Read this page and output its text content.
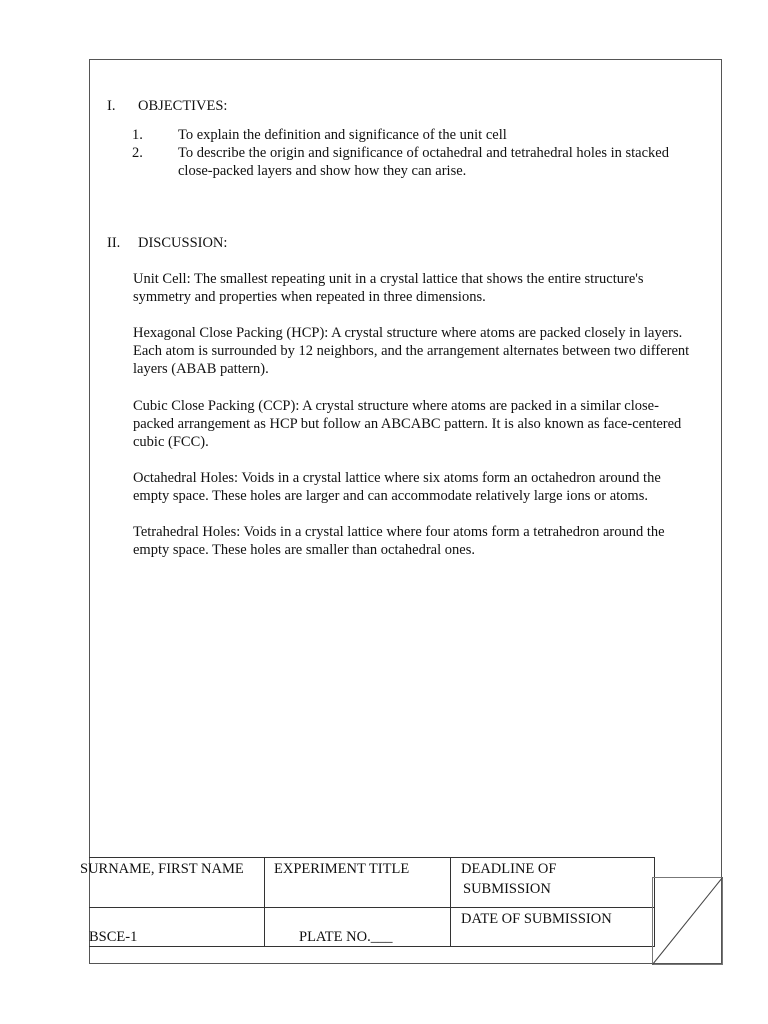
I. OBJECTIVES:
1. To explain the definition and significance of the unit cell
2. To describe the origin and significance of octahedral and tetrahedral holes in stacked
close-packed layers and show how they can arise.
II. DISCUSSION:
Unit Cell: The smallest repeating unit in a crystal lattice that shows the entire structure's
symmetry and properties when repeated in three dimensions.
Hexagonal Close Packing (HCP): A crystal structure where atoms are packed closely in layers.
Each atom is surrounded by 12 neighbors, and the arrangement alternates between two different
layers (ABAB pattern).
Cubic Close Packing (CCP): A crystal structure where atoms are packed in a similar close-
packed arrangement as HCP but follow an ABCABC pattern. It is also known as face-centered
cubic (FCC).
Octahedral Holes: Voids in a crystal lattice where six atoms form an octahedron around the
empty space. These holes are larger and can accommodate relatively large ions or atoms.
Tetrahedral Holes: Voids in a crystal lattice where four atoms form a tetrahedron around the
empty space. These holes are smaller than octahedral ones.
SURNAME, FIRST NAME EXPERIMENT TITLE	DEADLINE OF
SUBMISSION
DATE OF SUBMISSION
BSCE-1	PLATE NO.___
